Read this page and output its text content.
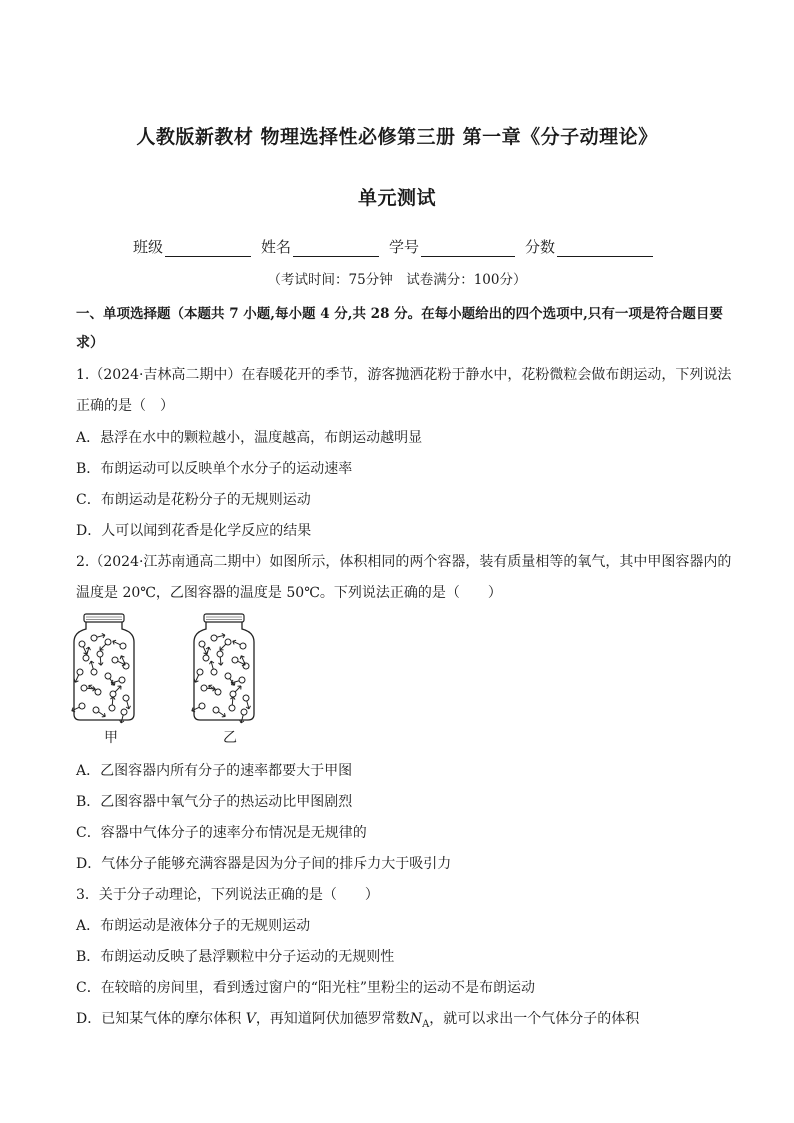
人教版新教材 物理选择性必修第三册 第一章《分子动理论》
单元测试
班级	姓名	学号	分数
（考试时间：75分钟　试卷满分：100分）
一、单项选择题（本题共 7 小题,每小题 4 分,共 28 分。在每小题给出的四个选项中,只有一项是符合题目要
求）
1.（2024·吉林高二期中）在春暖花开的季节，游客抛洒花粉于静水中，花粉微粒会做布朗运动，下列说法
正确的是（　）
A．悬浮在水中的颗粒越小，温度越高，布朗运动越明显
B．布朗运动可以反映单个水分子的运动速率
C．布朗运动是花粉分子的无规则运动
D．人可以闻到花香是化学反应的结果
2.（2024·江苏南通高二期中）如图所示，体积相同的两个容器，装有质量相等的氧气，其中甲图容器内的
温度是 20℃，乙图容器的温度是 50℃。下列说法正确的是（　　）
甲	乙
A．乙图容器内所有分子的速率都要大于甲图
B．乙图容器中氧气分子的热运动比甲图剧烈
C．容器中气体分子的速率分布情况是无规律的
D．气体分子能够充满容器是因为分子间的排斥力大于吸引力
3．关于分子动理论，下列说法正确的是（　　）
A．布朗运动是液体分子的无规则运动
B．布朗运动反映了悬浮颗粒中分子运动的无规则性
C．在较暗的房间里，看到透过窗户的“阳光柱”里粉尘的运动不是布朗运动
D．已知某气体的摩尔体积 V，再知道阿伏加德罗常数$N_A$，就可以求出一个气体分子的体积
